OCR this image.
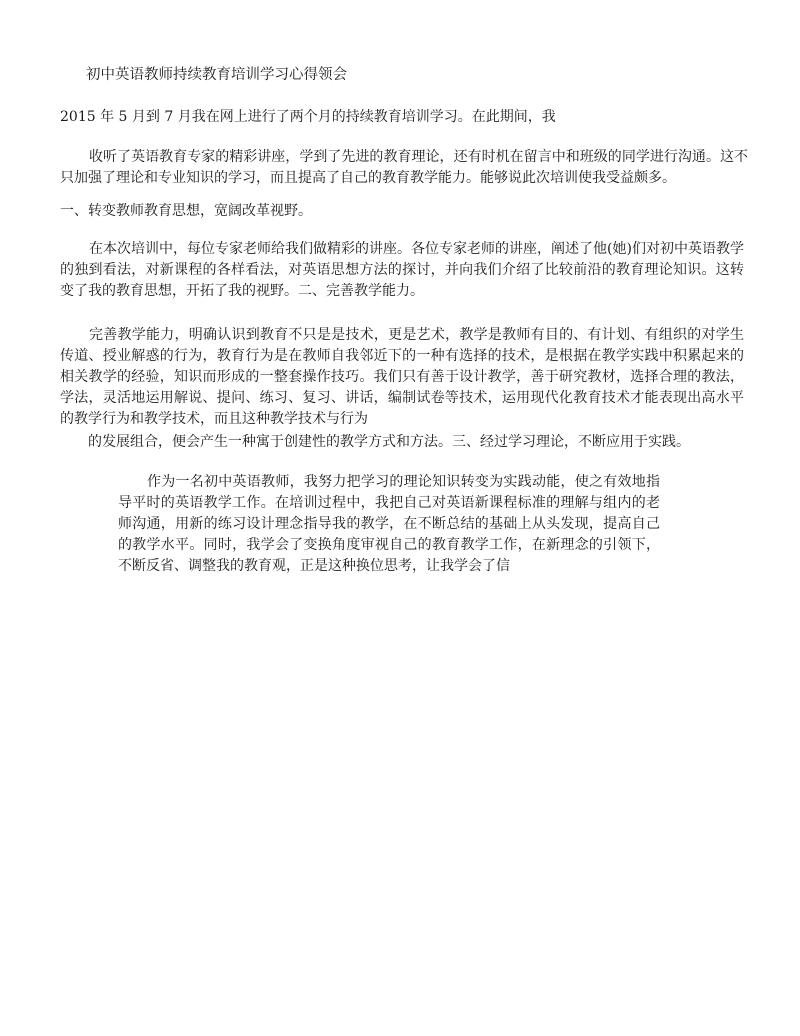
初中英语教师持续教育培训学习心得领会

2015 年 5 月到 7 月我在网上进行了两个月的持续教育培训学习。在此期间，我

收听了英语教育专家的精彩讲座，学到了先进的教育理论，还有时机在留言中和班级的同学进行沟通。这不只加强了理论和专业知识的学习，而且提高了自己的教育教学能力。能够说此次培训使我受益颇多。

一、转变教师教育思想，宽阔改革视野。

在本次培训中，每位专家老师给我们做精彩的讲座。各位专家老师的讲座，阐述了他(她)们对初中英语教学的独到看法，对新课程的各样看法，对英语思想方法的探讨，并向我们介绍了比较前沿的教育理论知识。这转变了我的教育思想，开拓了我的视野。二、完善教学能力。

完善教学能力，明确认识到教育不只是是技术，更是艺术，教学是教师有目的、有计划、有组织的对学生传道、授业解惑的行为，教育行为是在教师自我邻近下的一种有选择的技术，是根据在教学实践中积累起来的相关教学的经验，知识而形成的一整套操作技巧。我们只有善于设计教学，善于研究教材，选择合理的教法，学法，灵活地运用解说、提问、练习、复习、讲话，编制试卷等技术，运用现代化教育技术才能表现出高水平的教学行为和教学技术，而且这种教学技术与行为

的发展组合，便会产生一种寓于创建性的教学方式和方法。三、经过学习理论，不断应用于实践。

作为一名初中英语教师，我努力把学习的理论知识转变为实践动能，使之有效地指导平时的英语教学工作。在培训过程中，我把自己对英语新课程标准的理解与组内的老师沟通，用新的练习设计理念指导我的教学，在不断总结的基础上从头发现，提高自己的教学水平。同时，我学会了变换角度审视自己的教育教学工作，在新理念的引领下，不断反省、调整我的教育观，正是这种换位思考，让我学会了信
